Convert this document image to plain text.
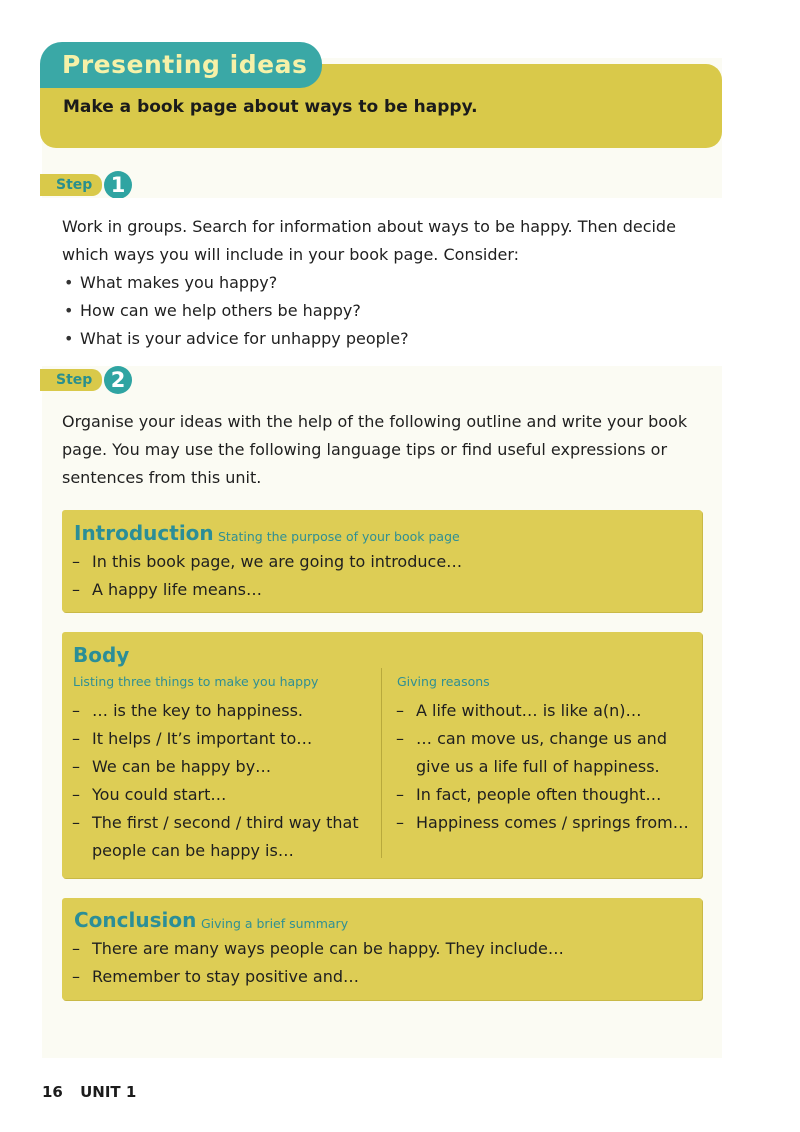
Presenting ideas
Make a book page about ways to be happy.
Step 1

Work in groups. Search for information about ways to be happy. Then decide which ways you will include in your book page. Consider:

• What makes you happy?
• How can we help others be happy?
• What is your advice for unhappy people?
Step 2
Organise your ideas with the help of the following outline and write your book page. You may use the following language tips or find useful expressions or sentences from this unit.
Introduction Stating the purpose of your book page
– In this book page, we are going to introduce…
– A happy life means…
Body
Listing three things to make you happy
– … is the key to happiness.
– It helps / It’s important to…
– We can be happy by…
– You could start…
– The first / second / third way that people can be happy is…
Giving reasons
– A life without… is like a(n)…
– … can move us, change us and give us a life full of happiness.
– In fact, people often thought…
– Happiness comes / springs from…
Conclusion Giving a brief summary
– There are many ways people can be happy. They include…
– Remember to stay positive and…
16 UNIT 1
